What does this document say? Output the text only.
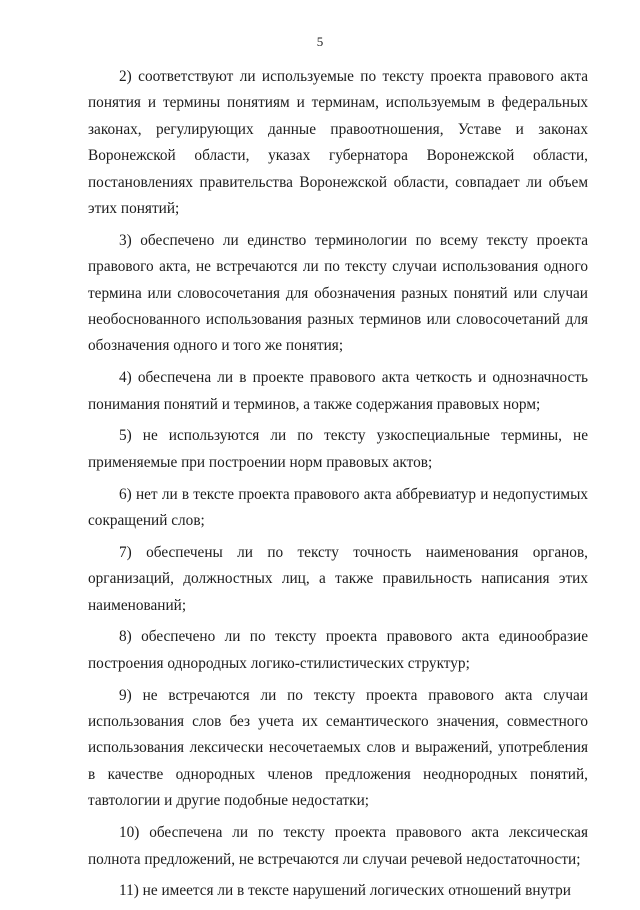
5

2) соответствуют ли используемые по тексту проекта правового акта понятия и термины понятиям и терминам, используемым в федеральных законах, регулирующих данные правоотношения, Уставе и законах Воронежской области, указах губернатора Воронежской области, постановлениях правительства Воронежской области, совпадает ли объем этих понятий;

3) обеспечено ли единство терминологии по всему тексту проекта правового акта, не встречаются ли по тексту случаи использования одного термина или словосочетания для обозначения разных понятий или случаи необоснованного использования разных терминов или словосочетаний для обозначения одного и того же понятия;

4) обеспечена ли в проекте правового акта четкость и однозначность понимания понятий и терминов, а также содержания правовых норм;

5) не используются ли по тексту узкоспециальные термины, не применяемые при построении норм правовых актов;

6) нет ли в тексте проекта правового акта аббревиатур и недопустимых сокращений слов;

7) обеспечены ли по тексту точность наименования органов, организаций, должностных лиц, а также правильность написания этих наименований;

8) обеспечено ли по тексту проекта правового акта единообразие построения однородных логико-стилистических структур;

9) не встречаются ли по тексту проекта правового акта случаи использования слов без учета их семантического значения, совместного использования лексически несочетаемых слов и выражений, употребления в качестве однородных членов предложения неоднородных понятий, тавтологии и другие подобные недостатки;

10) обеспечена ли по тексту проекта правового акта лексическая полнота предложений, не встречаются ли случаи речевой недостаточности;

11) не имеется ли в тексте нарушений логических отношений внутри
